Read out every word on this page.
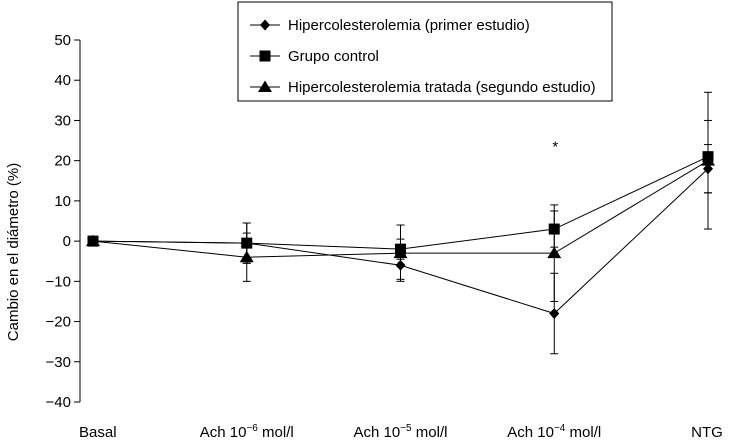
Cambio en el diámetro (%)
50
40
30
20
10
0
−10
−20
−30
−40
Basal	Ach $10^{-6}$ mol/l	Ach $10^{-5}$ mol/l	Ach $10^{-4}$ mol/l	NTG
*
Hipercolesterolemia (primer estudio)
Grupo control
Hipercolesterolemia tratada (segundo estudio)
